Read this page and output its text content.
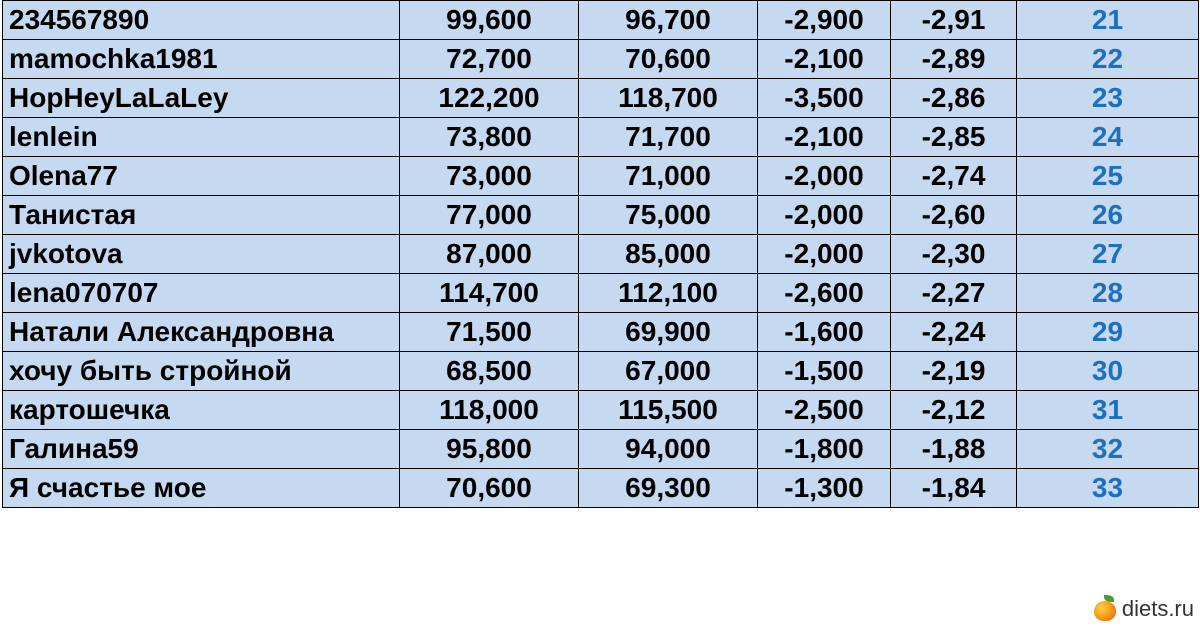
234567890	99,600	96,700	-2,900	-2,91	21
mamochka1981	72,700	70,600	-2,100	-2,89	22
HopHeyLaLaLey	122,200	118,700	-3,500	-2,86	23
lenlein	73,800	71,700	-2,100	-2,85	24
Olena77	73,000	71,000	-2,000	-2,74	25
Танистая	77,000	75,000	-2,000	-2,60	26
jvkotova	87,000	85,000	-2,000	-2,30	27
lena070707	114,700	112,100	-2,600	-2,27	28
Натали Александровна	71,500	69,900	-1,600	-2,24	29
хочу быть стройной	68,500	67,000	-1,500	-2,19	30
картошечка	118,000	115,500	-2,500	-2,12	31
Галина59	95,800	94,000	-1,800	-1,88	32
Я счастье мое	70,600	69,300	-1,300	-1,84	33
diets.ru
